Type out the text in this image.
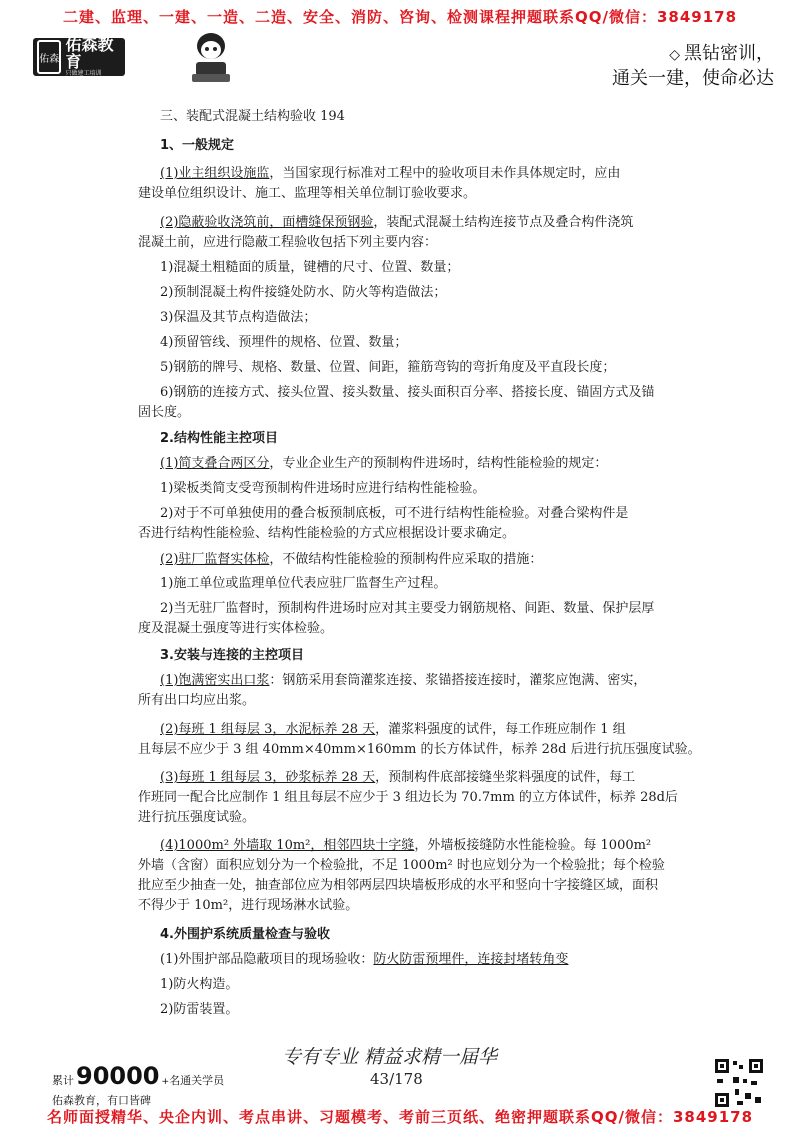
二建、监理、一建、一造、二造、安全、消防、咨询、检测课程押题联系QQ/微信：3849178
佑森
佑森教育
只做建工培训
◇ 黑钻密训，
通关一建，使命必达
三、装配式混凝土结构验收 194
1、一般规定
(1)业主组织设施监，当国家现行标准对工程中的验收项目未作具体规定时，应由
建设单位组织设计、施工、监理等相关单位制订验收要求。
(2)隐蔽验收浇筑前，面槽缝保预钢验，装配式混凝土结构连接节点及叠合构件浇筑
混凝土前，应进行隐蔽工程验收包括下列主要内容：
1)混凝土粗糙面的质量，键槽的尺寸、位置、数量；
2)预制混凝土构件接缝处防水、防火等构造做法；
3)保温及其节点构造做法；
4)预留管线、预埋件的规格、位置、数量；
5)钢筋的牌号、规格、数量、位置、间距，箍筋弯钩的弯折角度及平直段长度；
6)钢筋的连接方式、接头位置、接头数量、接头面积百分率、搭接长度、锚固方式及锚
固长度。
2.结构性能主控项目
(1)简支叠合两区分，专业企业生产的预制构件进场时，结构性能检验的规定：
1)梁板类简支受弯预制构件进场时应进行结构性能检验。
2)对于不可单独使用的叠合板预制底板，可不进行结构性能检验。对叠合梁构件是
否进行结构性能检验、结构性能检验的方式应根据设计要求确定。
(2)驻厂监督实体检，不做结构性能检验的预制构件应采取的措施：
1)施工单位或监理单位代表应驻厂监督生产过程。
2)当无驻厂监督时，预制构件进场时应对其主要受力钢筋规格、间距、数量、保护层厚
度及混凝土强度等进行实体检验。
3.安装与连接的主控项目
(1)饱满密实出口浆：钢筋采用套筒灌浆连接、浆锚搭接连接时，灌浆应饱满、密实，
所有出口均应出浆。
(2)每班 1 组每层 3，水泥标养 28 天，灌浆料强度的试件，每工作班应制作 1 组
且每层不应少于 3 组 40mm×40mm×160mm 的长方体试件，标养 28d 后进行抗压强度试验。
(3)每班 1 组每层 3，砂浆标养 28 天，预制构件底部接缝坐浆料强度的试件，每工
作班同一配合比应制作 1 组且每层不应少于 3 组边长为 70.7mm 的立方体试件，标养 28d后
进行抗压强度试验。
(4)1000m² 外墙取 10m²，相邻四块十字缝，外墙板接缝防水性能检验。每 1000m²
外墙（含窗）面积应划分为一个检验批，不足 1000m² 时也应划分为一个检验批；每个检验
批应至少抽查一处，抽查部位应为相邻两层四块墙板形成的水平和竖向十字接缝区域，面积
不得少于 10m²，进行现场淋水试验。
4.外围护系统质量检查与验收
(1)外围护部品隐蔽项目的现场验收：防火防雷预埋件，连接封堵转角变
1)防火构造。
2)防雷装置。
累计 $90000_+$ 名通关学员
佑森教育，有口皆碑
专有专业 精益求精一届华
43/178
名师面授精华、央企内训、考点串讲、习题模考、考前三页纸、绝密押题联系QQ/微信：3849178
